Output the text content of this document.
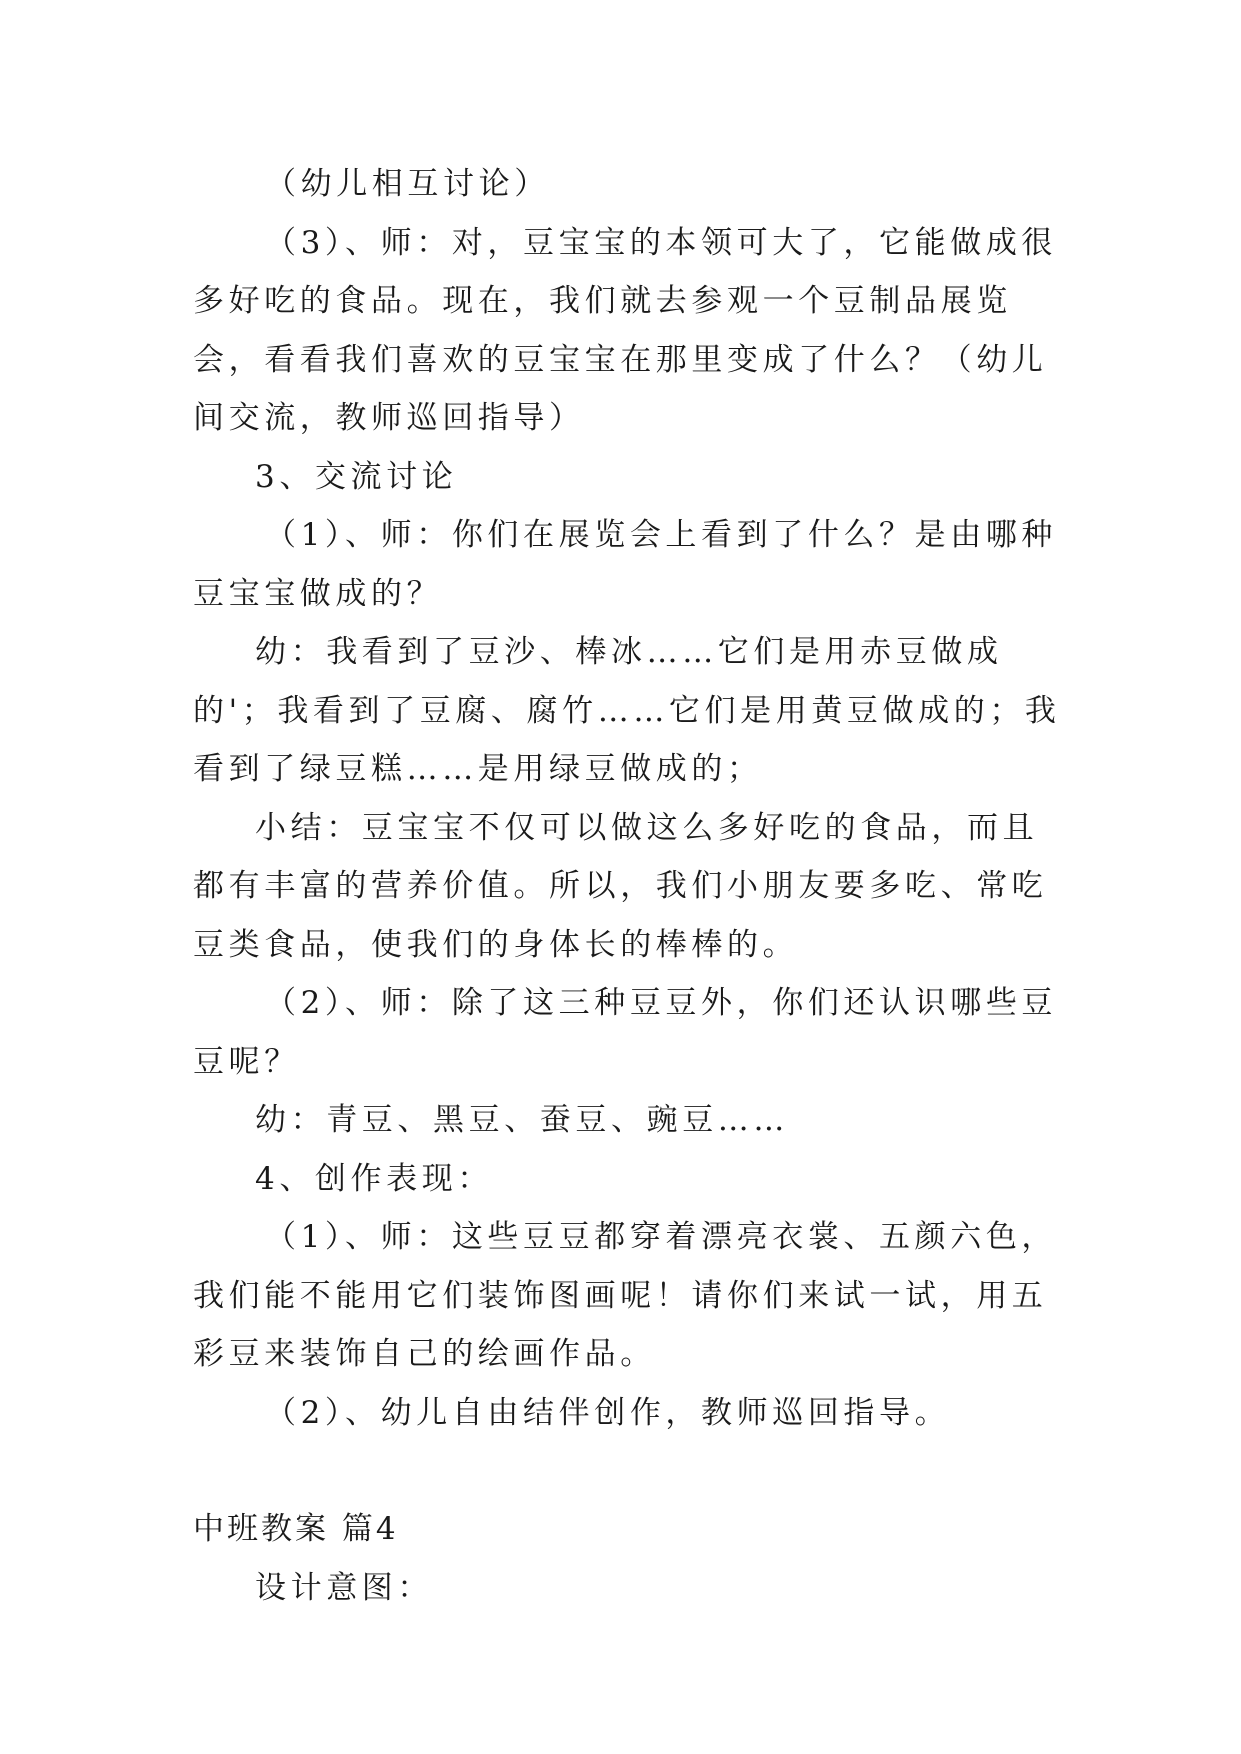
（幼儿相互讨论）

（3）、师：对，豆宝宝的本领可大了，它能做成很多好吃的食品。现在，我们就去参观一个豆制品展览会，看看我们喜欢的豆宝宝在那里变成了什么？（幼儿间交流，教师巡回指导）

3、交流讨论

（1）、师：你们在展览会上看到了什么？是由哪种豆宝宝做成的？

幼：我看到了豆沙、棒冰……它们是用赤豆做成的'；我看到了豆腐、腐竹……它们是用黄豆做成的；我看到了绿豆糕……是用绿豆做成的；

小结：豆宝宝不仅可以做这么多好吃的食品，而且都有丰富的营养价值。所以，我们小朋友要多吃、常吃豆类食品，使我们的身体长的棒棒的。

（2）、师：除了这三种豆豆外，你们还认识哪些豆豆呢？

幼：青豆、黑豆、蚕豆、豌豆……

4、创作表现：

（1）、师：这些豆豆都穿着漂亮衣裳、五颜六色，我们能不能用它们装饰图画呢！请你们来试一试，用五彩豆来装饰自己的绘画作品。

（2）、幼儿自由结伴创作，教师巡回指导。

中班教案 篇4

设计意图：
